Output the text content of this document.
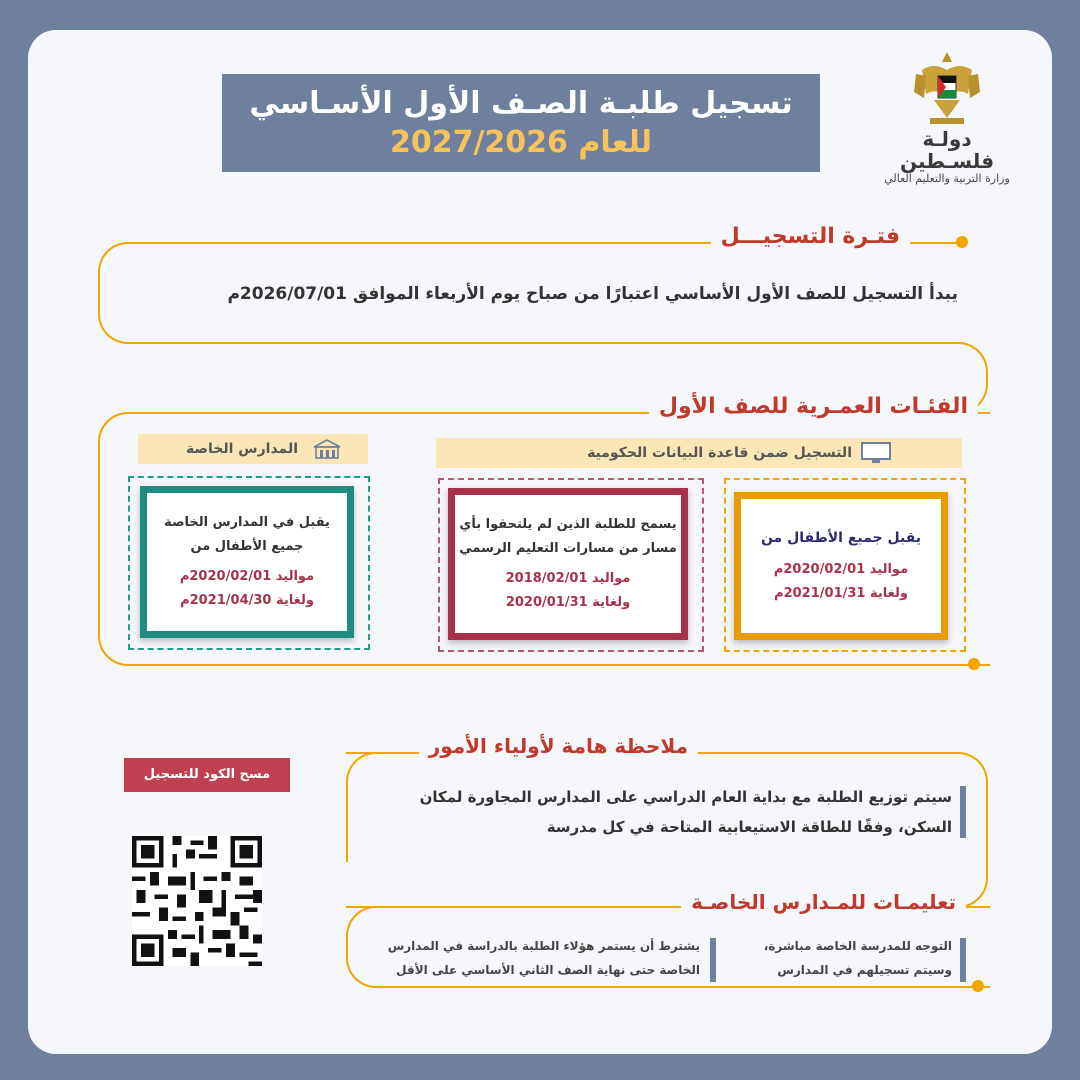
تسجيل طلبـة الصـف الأول الأسـاسي
للعام 2027/2026	دولـة فلسـطين
وزارة التربية والتعليم العالي
فتـرة التسجيـــل
يبدأ التسجيل للصف الأول الأساسي اعتبارًا من صباح يوم الأربعاء الموافق 2026/07/01م
الفئـات العمـرية للصف الأول
التسجيل ضمن قاعدة البيانات الحكومية
المدارس الخاصة

يقبل جميع الأطفال من

مواليد 2020/02/01م

ولغاية 2021/01/31م

يسمح للطلبة الذين لم يلتحقوا بأي

مسار من مسارات التعليم الرسمي

مواليد 2018/02/01

ولغاية 2020/01/31

يقبل في المدارس الخاصة

جميع الأطفال من

مواليد 2020/02/01م

ولغاية 2021/04/30م

ملاحظة هامة لأولياء الأمور
سيتم توزيع الطلبة مع بداية العام الدراسي على المدارس المجاورة لمكان
السكن، وفقًا للطاقة الاستيعابية المتاحة في كل مدرسة
تعليمـات للمـدارس الخاصـة
التوجه للمدرسة الخاصة مباشرة،
وسيتم تسجيلهم في المدارس
يشترط أن يستمر هؤلاء الطلبة بالدراسة في المدارس
الخاصة حتى نهاية الصف الثاني الأساسي على الأقل
مسح الكود للتسجيل
